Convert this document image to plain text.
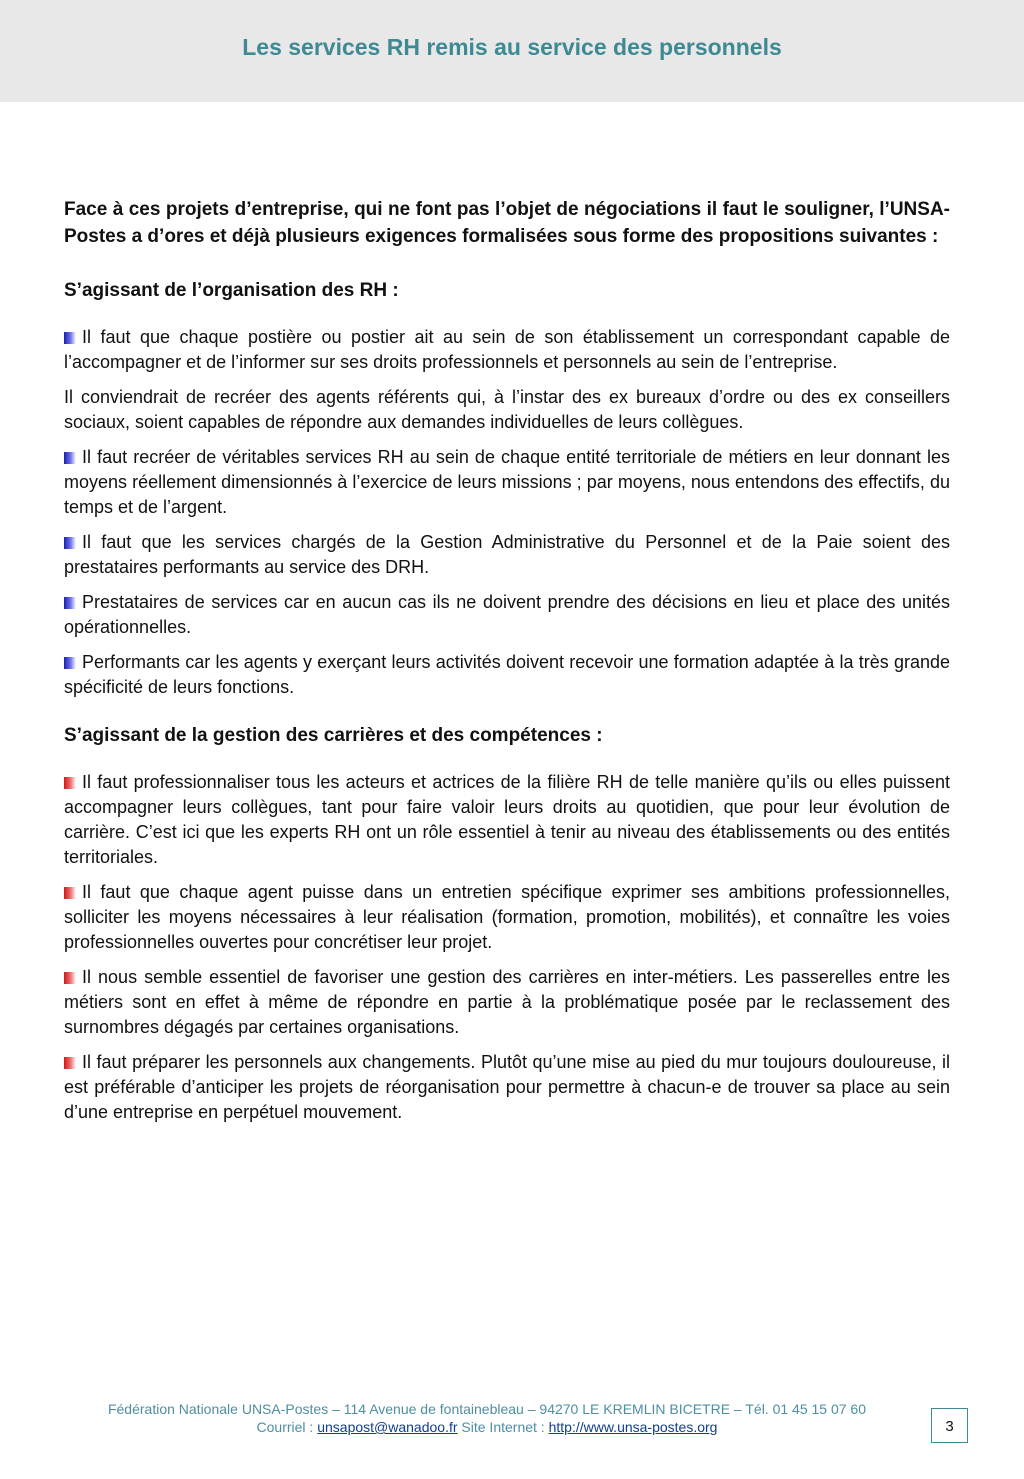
Les services RH remis au service des personnels

Face à ces projets d’entreprise, qui ne font pas l’objet de négociations il faut le souligner, l’UNSA-Postes a d’ores et déjà plusieurs exigences formalisées sous forme des propositions suivantes :

S’agissant de l’organisation des RH :

Il faut que chaque postière ou postier ait au sein de son établissement un correspondant capable de l’accompagner et de l’informer sur ses droits professionnels et personnels au sein de l’entreprise.

Il conviendrait de recréer des agents référents qui, à l’instar des ex bureaux d’ordre ou des ex conseillers sociaux, soient capables de répondre aux demandes individuelles de leurs collègues.

Il faut recréer de véritables services RH au sein de chaque entité territoriale de métiers en leur donnant les moyens réellement dimensionnés à l’exercice de leurs missions ; par moyens, nous entendons des effectifs, du temps et de l’argent.

Il faut que les services chargés de la Gestion Administrative du Personnel et de la Paie soient des prestataires performants au service des DRH.

Prestataires de services car en aucun cas ils ne doivent prendre des décisions en lieu et place des unités opérationnelles.

Performants car les agents y exerçant leurs activités doivent recevoir une formation adaptée à la très grande spécificité de leurs fonctions.

S’agissant de la gestion des carrières et des compétences :

Il faut professionnaliser tous les acteurs et actrices de la filière RH de telle manière qu’ils ou elles puissent accompagner leurs collègues, tant pour faire valoir leurs droits au quotidien, que pour leur évolution de carrière. C’est ici que les experts RH ont un rôle essentiel à tenir au niveau des établissements ou des entités territoriales.

Il faut que chaque agent puisse dans un entretien spécifique exprimer ses ambitions professionnelles, solliciter les moyens nécessaires à leur réalisation (formation, promotion, mobilités), et connaître les voies professionnelles ouvertes pour concrétiser leur projet.

Il nous semble essentiel de favoriser une gestion des carrières en inter-métiers. Les passerelles entre les métiers sont en effet à même de répondre en partie à la problématique posée par le reclassement des surnombres dégagés par certaines organisations.

Il faut préparer les personnels aux changements. Plutôt qu’une mise au pied du mur toujours douloureuse, il est préférable d’anticiper les projets de réorganisation pour permettre à chacun-e de trouver sa place au sein d’une entreprise en perpétuel mouvement.

Fédération Nationale UNSA-Postes – 114 Avenue de fontainebleau – 94270 LE KREMLIN BICETRE – Tél. 01 45 15 07 60
Courriel : unsapost@wanadoo.fr Site Internet : http://www.unsa-postes.org	3
